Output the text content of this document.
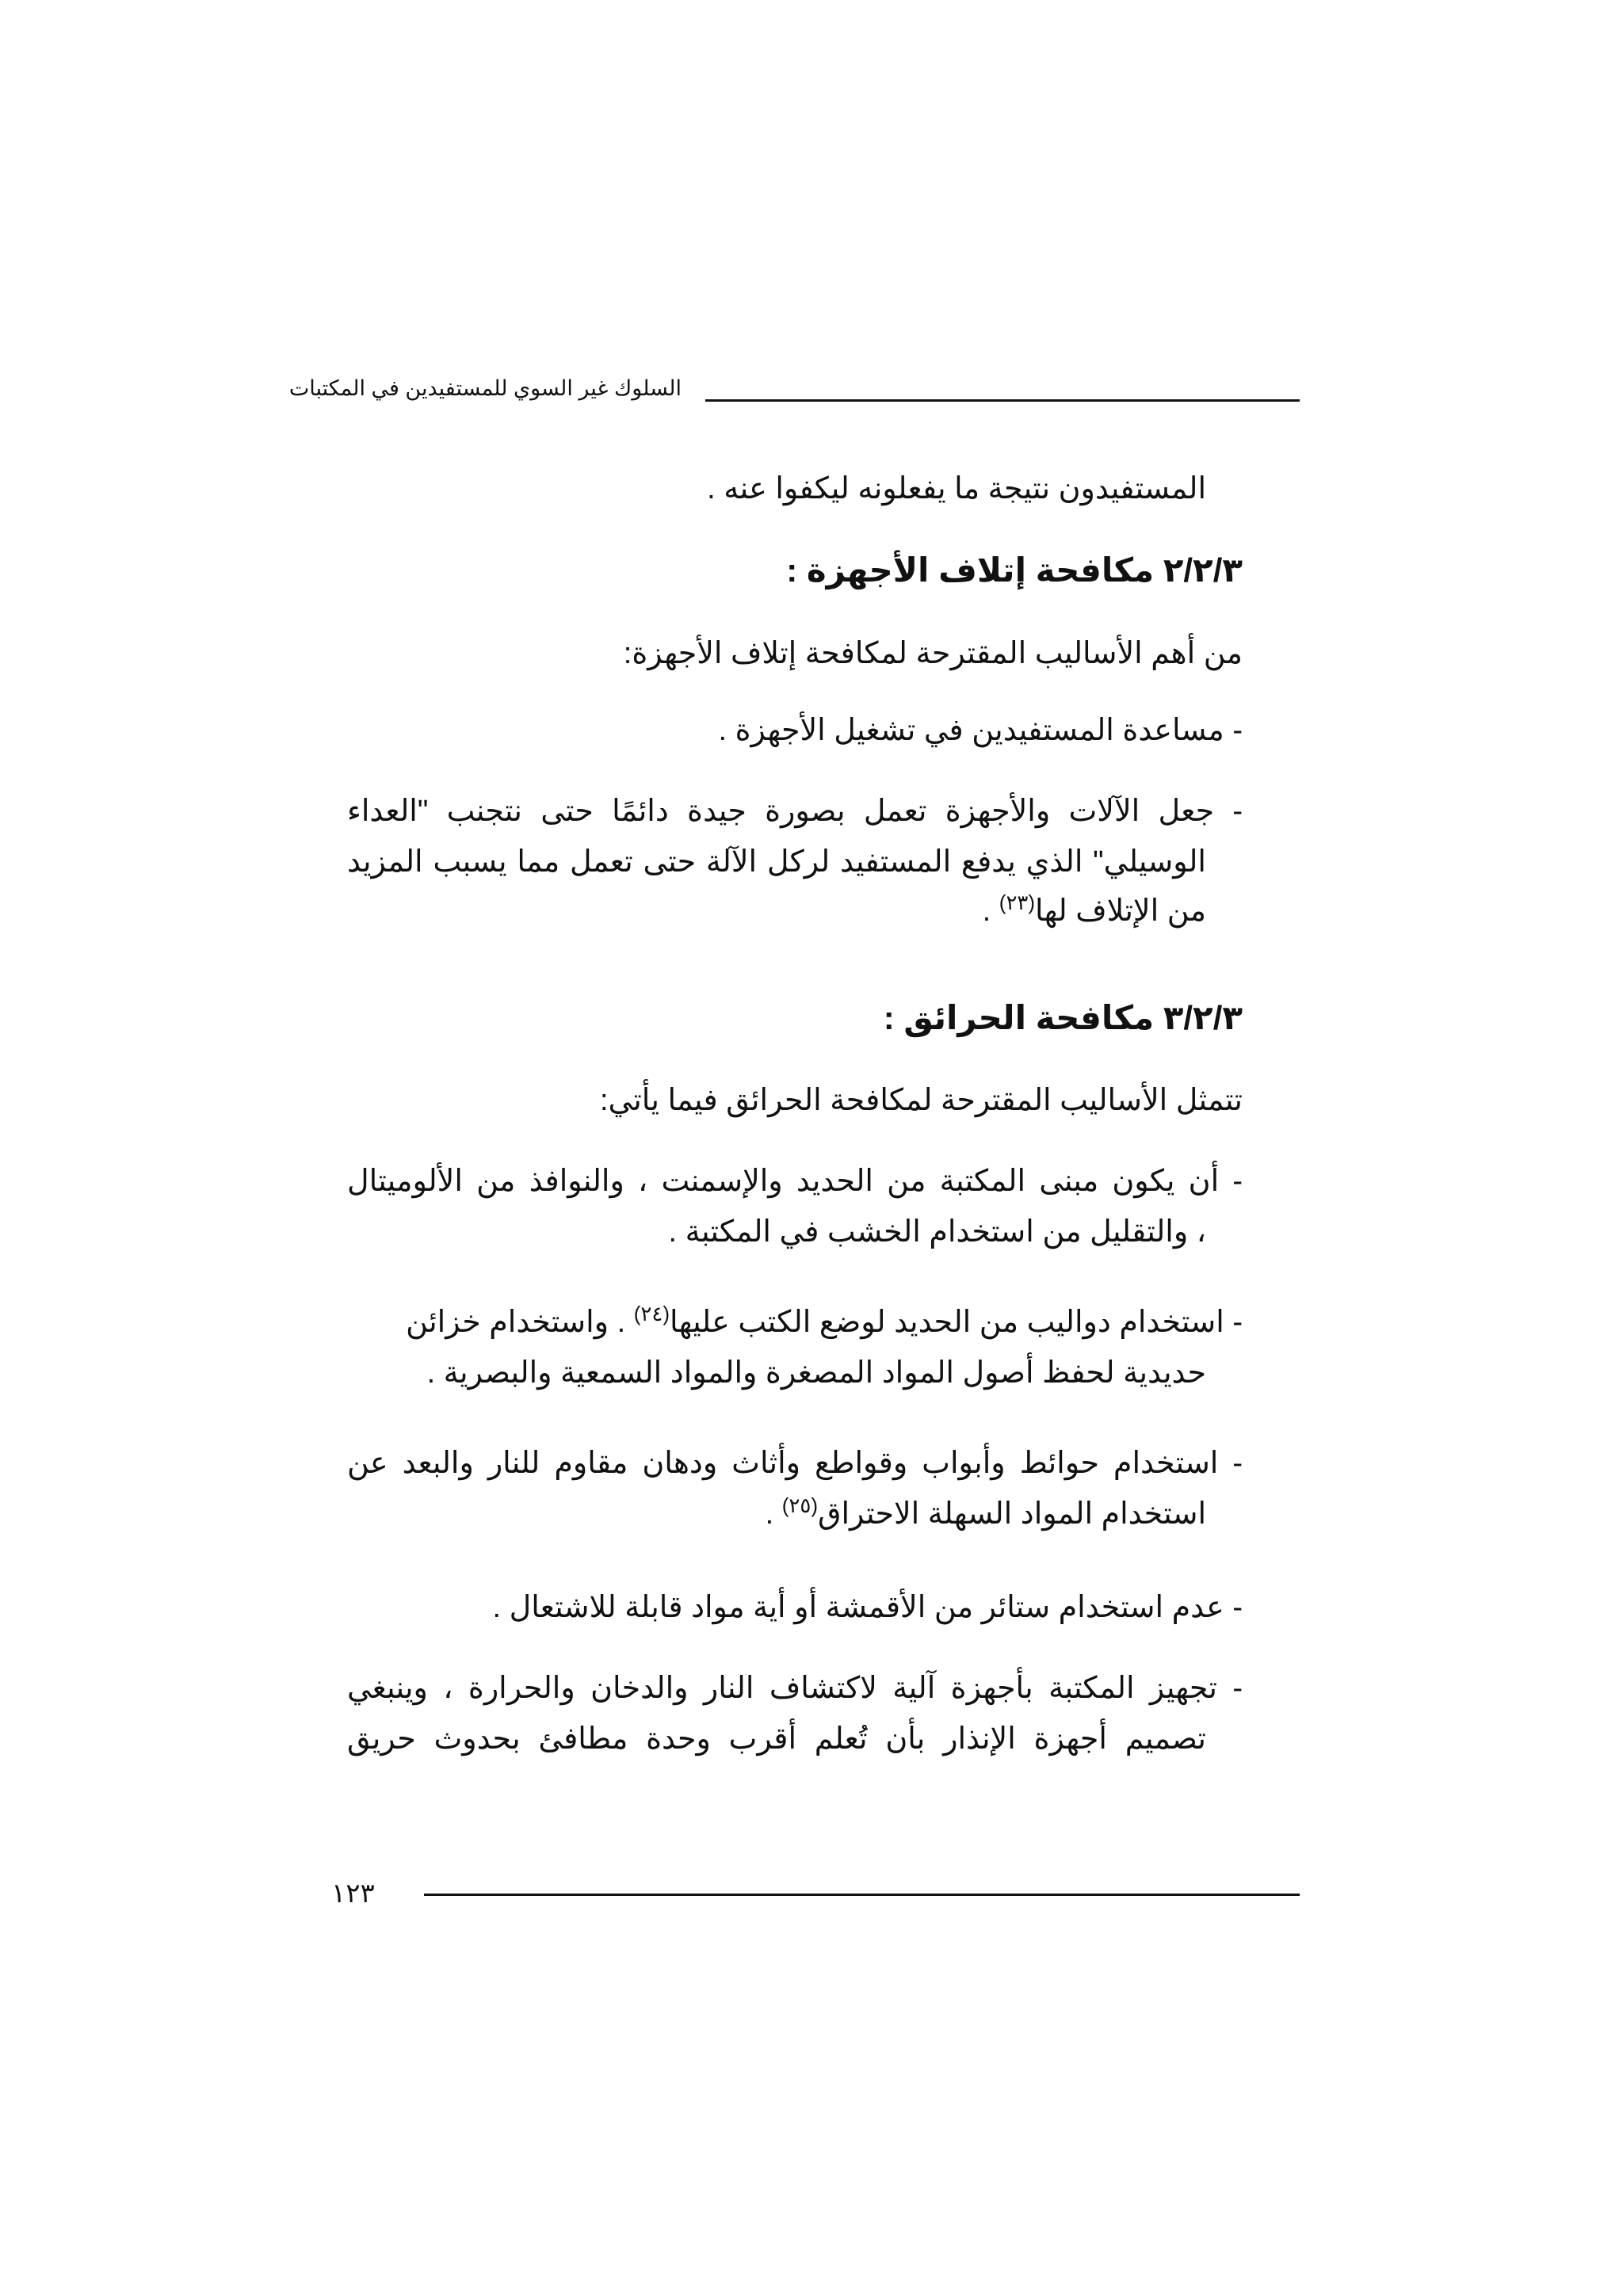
السلوك غير السوي للمستفيدين في المكتبات
المستفيدون نتيجة ما يفعلونه ليكفوا عنه .
٢/٢/٣ مكافحة إتلاف الأجهزة :
من أهم الأساليب المقترحة لمكافحة إتلاف الأجهزة:
- مساعدة المستفيدين في تشغيل الأجهزة .
- جعل الآلات والأجهزة تعمل بصورة جيدة دائمًا حتى نتجنب "العداء
الوسيلي" الذي يدفع المستفيد لركل الآلة حتى تعمل مما يسبب المزيد
من الإتلاف لها$^{(٢٣)}$ .
٣/٢/٣ مكافحة الحرائق :
تتمثل الأساليب المقترحة لمكافحة الحرائق فيما يأتي:
- أن يكون مبنى المكتبة من الحديد والإسمنت ، والنوافذ من الألوميتال
، والتقليل من استخدام الخشب في المكتبة .
- استخدام دواليب من الحديد لوضع الكتب عليها$^{(٢٤)}$ . واستخدام خزائن
حديدية لحفظ أصول المواد المصغرة والمواد السمعية والبصرية .
- استخدام حوائط وأبواب وقواطع وأثاث ودهان مقاوم للنار والبعد عن
استخدام المواد السهلة الاحتراق$^{(٢٥)}$ .
- عدم استخدام ستائر من الأقمشة أو أية مواد قابلة للاشتعال .
- تجهيز المكتبة بأجهزة آلية لاكتشاف النار والدخان والحرارة ، وينبغي
تصميم أجهزة الإنذار بأن تُعلم أقرب وحدة مطافئ بحدوث حريق
١٢٣
